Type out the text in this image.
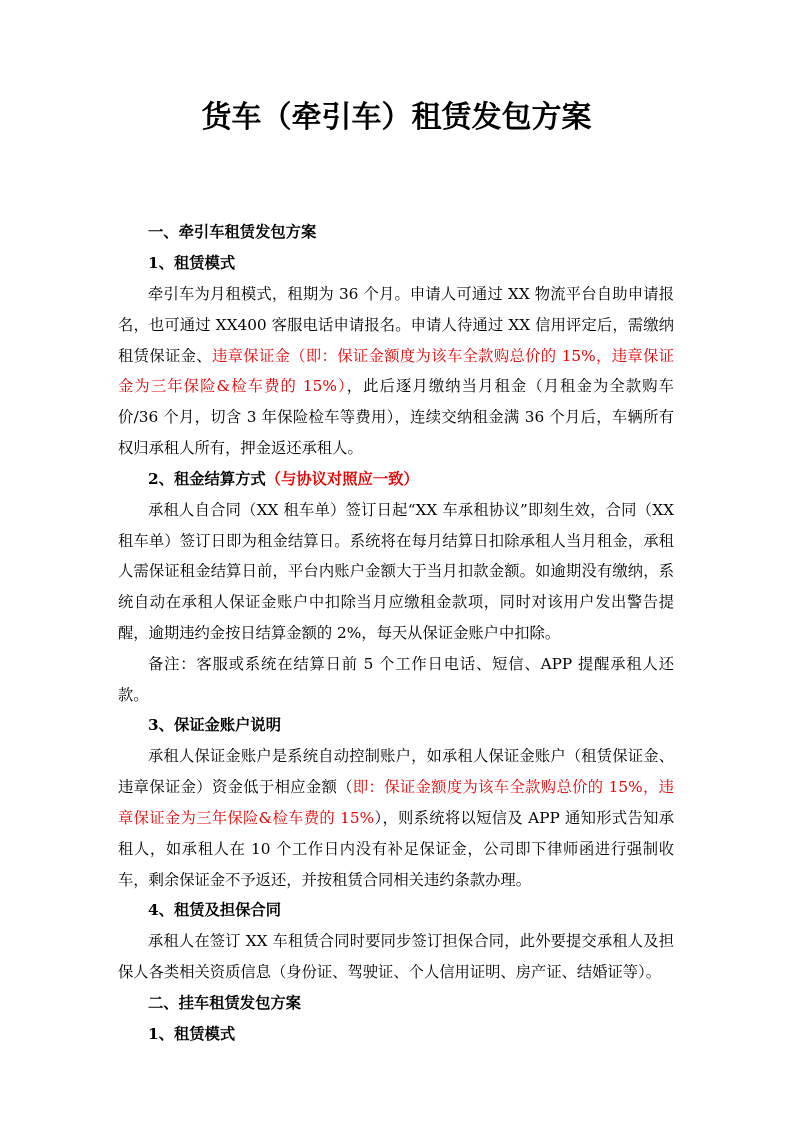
货车（牵引车）租赁发包方案
一、牵引车租赁发包方案
1、租赁模式

牵引车为月租模式，租期为 36 个月。申请人可通过 XX 物流平台自助申请报名，也可通过 XX400 客服电话申请报名。申请人待通过 XX 信用评定后，需缴纳租赁保证金、违章保证金（即：保证金额度为该车全款购总价的 15%，违章保证金为三年保险&检车费的 15%），此后逐月缴纳当月租金（月租金为全款购车价/36 个月，切含 3 年保险检车等费用），连续交纳租金满 36 个月后，车辆所有权归承租人所有，押金返还承租人。

2、租金结算方式（与协议对照应一致）

承租人自合同（XX 租车单）签订日起“XX 车承租协议”即刻生效，合同（XX 租车单）签订日即为租金结算日。系统将在每月结算日扣除承租人当月租金，承租人需保证租金结算日前，平台内账户金额大于当月扣款金额。如逾期没有缴纳，系统自动在承租人保证金账户中扣除当月应缴租金款项，同时对该用户发出警告提醒，逾期违约金按日结算金额的 2%，每天从保证金账户中扣除。

备注：客服或系统在结算日前 5 个工作日电话、短信、APP 提醒承租人还款。

3、保证金账户说明

承租人保证金账户是系统自动控制账户，如承租人保证金账户（租赁保证金、违章保证金）资金低于相应金额（即：保证金额度为该车全款购总价的 15%，违章保证金为三年保险&检车费的 15%），则系统将以短信及 APP 通知形式告知承租人，如承租人在 10 个工作日内没有补足保证金，公司即下律师函进行强制收车，剩余保证金不予返还，并按租赁合同相关违约条款办理。

4、租赁及担保合同

承租人在签订 XX 车租赁合同时要同步签订担保合同，此外要提交承租人及担保人各类相关资质信息（身份证、驾驶证、个人信用证明、房产证、结婚证等）。

二、挂车租赁发包方案
1、租赁模式
